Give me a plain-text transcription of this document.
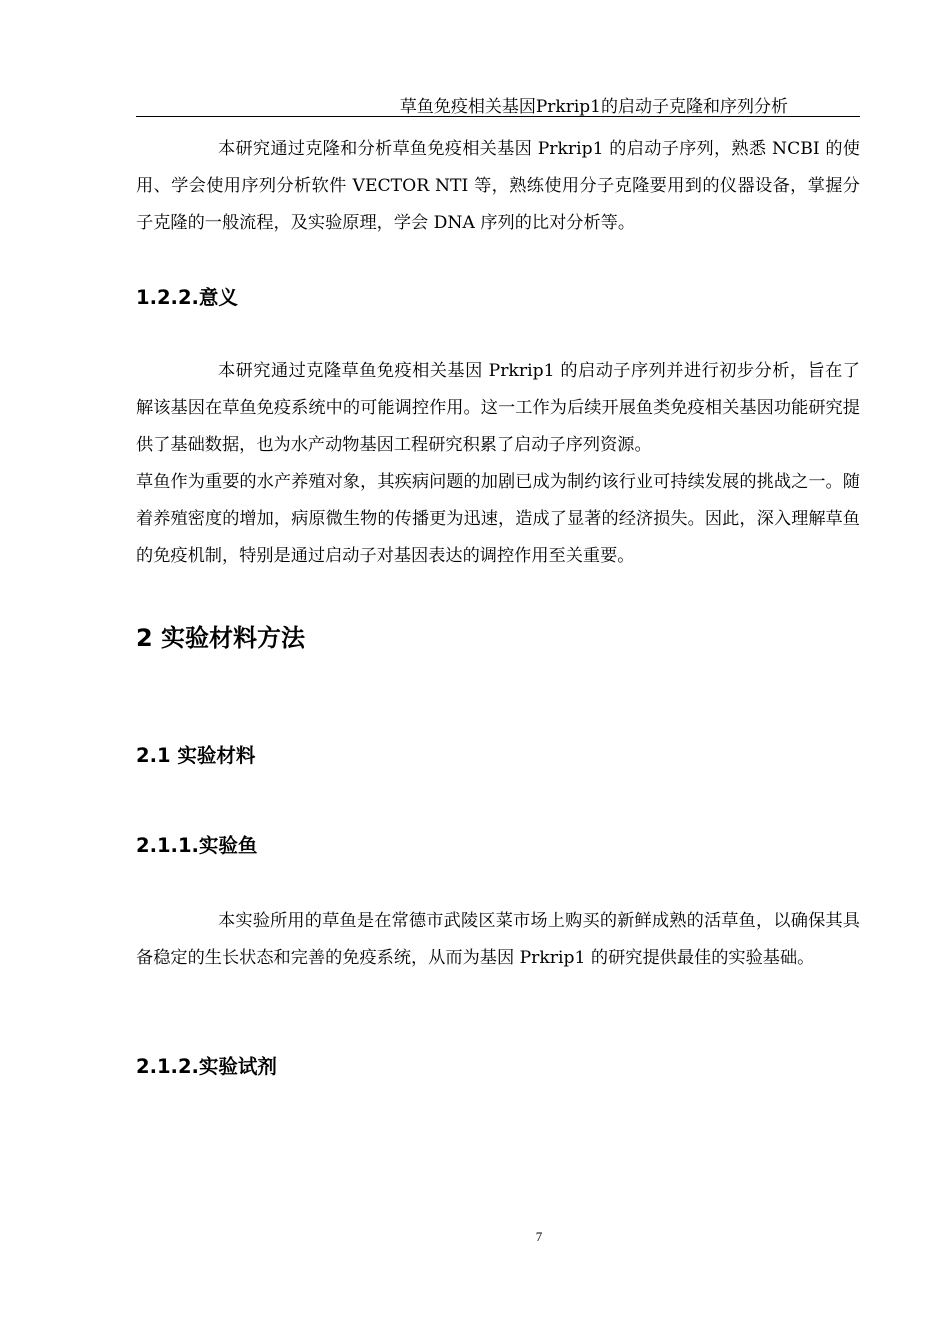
草鱼免疫相关基因Prkrip1的启动子克隆和序列分析

本研究通过克隆和分析草鱼免疫相关基因 Prkrip1 的启动子序列，熟悉 NCBI 的使用、学会使用序列分析软件 VECTOR NTI 等，熟练使用分子克隆要用到的仪器设备，掌握分子克隆的一般流程，及实验原理，学会 DNA 序列的比对分析等。

1.2.2.意义

本研究通过克隆草鱼免疫相关基因 Prkrip1 的启动子序列并进行初步分析，旨在了解该基因在草鱼免疫系统中的可能调控作用。这一工作为后续开展鱼类免疫相关基因功能研究提供了基础数据，也为水产动物基因工程研究积累了启动子序列资源。

草鱼作为重要的水产养殖对象，其疾病问题的加剧已成为制约该行业可持续发展的挑战之一。随着养殖密度的增加，病原微生物的传播更为迅速，造成了显著的经济损失。因此，深入理解草鱼的免疫机制，特别是通过启动子对基因表达的调控作用至关重要。

2 实验材料方法
2.1 实验材料
2.1.1.实验鱼

本实验所用的草鱼是在常德市武陵区菜市场上购买的新鲜成熟的活草鱼，以确保其具备稳定的生长状态和完善的免疫系统，从而为基因 Prkrip1 的研究提供最佳的实验基础。

2.1.2.实验试剂
7
